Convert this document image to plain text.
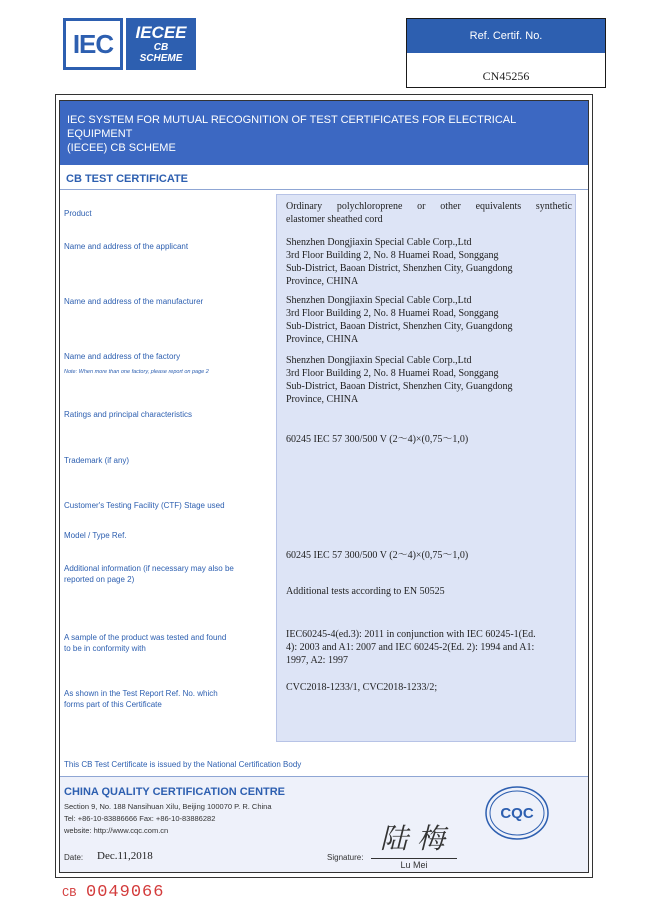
IEC IECEE
CB
SCHEME
Ref. Certif. No.
CN45256
IEC SYSTEM FOR MUTUAL RECOGNITION OF TEST CERTIFICATES FOR ELECTRICAL EQUIPMENT
(IECEE) CB SCHEME
CB TEST CERTIFICATE
Product
Name and address of the applicant
Name and address of the manufacturer
Name and address of the factory
Note: When more than one factory, please report on page 2
Ratings and principal characteristics
Trademark (if any)
Customer's Testing Facility (CTF) Stage used
Model / Type Ref.
Additional information (if necessary may also be
reported on page 2)
A sample of the product was tested and found
to be in conformity with
As shown in the Test Report Ref. No. which
forms part of this Certificate
Ordinary polychloroprene or other equivalents synthetic
elastomer sheathed cord
Shenzhen Dongjiaxin Special Cable Corp.,Ltd
3rd Floor Building 2, No. 8 Huamei Road, Songgang
Sub-District, Baoan District, Shenzhen City, Guangdong
Province, CHINA
Shenzhen Dongjiaxin Special Cable Corp.,Ltd
3rd Floor Building 2, No. 8 Huamei Road, Songgang
Sub-District, Baoan District, Shenzhen City, Guangdong
Province, CHINA
Shenzhen Dongjiaxin Special Cable Corp.,Ltd
3rd Floor Building 2, No. 8 Huamei Road, Songgang
Sub-District, Baoan District, Shenzhen City, Guangdong
Province, CHINA
60245 IEC 57 300/500 V (2～4)×(0,75～1,0)
60245 IEC 57 300/500 V (2～4)×(0,75～1,0)
Additional tests according to EN 50525
IEC60245-4(ed.3): 2011 in conjunction with IEC 60245-1(Ed.
4): 2003 and A1: 2007 and IEC 60245-2(Ed. 2): 1994 and A1:
1997, A2: 1997
CVC2018-1233/1, CVC2018-1233/2;
This CB Test Certificate is issued by the National Certification Body
CHINA QUALITY CERTIFICATION CENTRE
Section 9, No. 188 Nansihuan Xilu, Beijing 100070 P. R. China
Tel: +86-10-83886666 Fax: +86-10-83886282
website: http://www.cqc.com.cn
CQC
Date: Dec.11,2018	Signature:
陆 梅
Lu Mei
CB 0049066
